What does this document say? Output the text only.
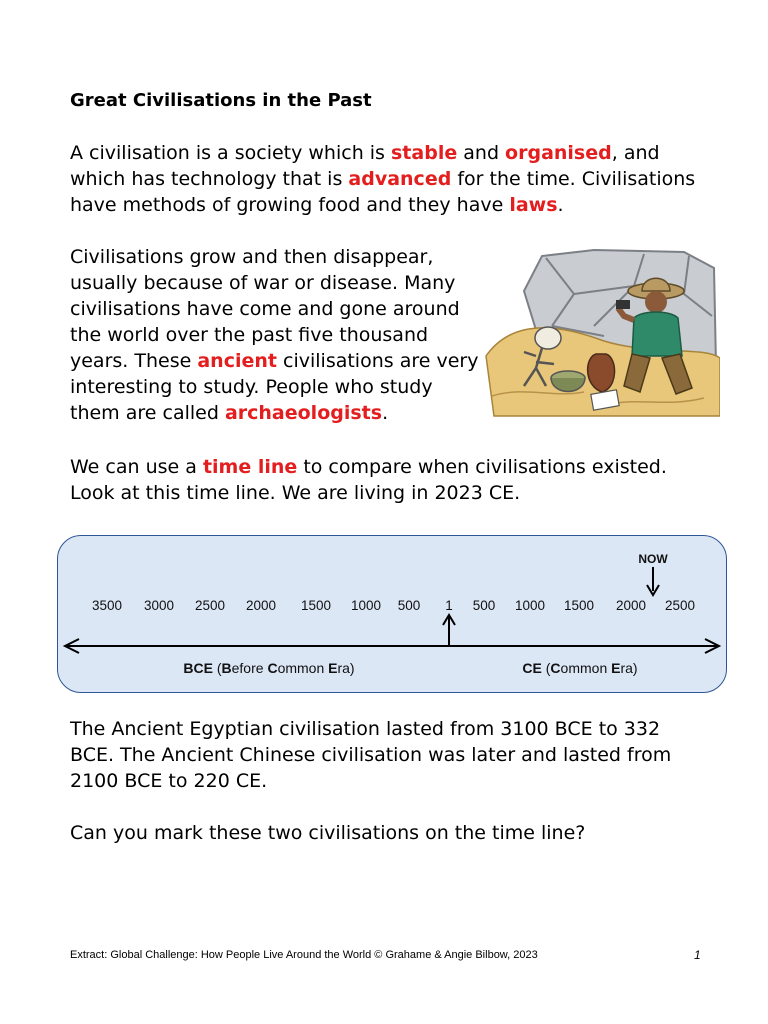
Great Civilisations in the Past
A civilisation is a society which is stable and organised, and which has technology that is advanced for the time. Civilisations have methods of growing food and they have laws.
Civilisations grow and then disappear, usually because of war or disease. Many civilisations have come and gone around the world over the past five thousand years. These ancient civilisations are very interesting to study. People who study them are called archaeologists.
We can use a time line to compare when civilisations existed. Look at this time line. We are living in 2023 CE.
NOW
3500 3000 2500 2000 1500 1000 500 1 500 1000 1500 2000 2500
BCE (Before Common Era)	CE (Common Era)
The Ancient Egyptian civilisation lasted from 3100 BCE to 332 BCE. The Ancient Chinese civilisation was later and lasted from 2100 BCE to 220 CE.
Can you mark these two civilisations on the time line?
Extract: Global Challenge: How People Live Around the World © Grahame & Angie Bilbow, 2023	1
